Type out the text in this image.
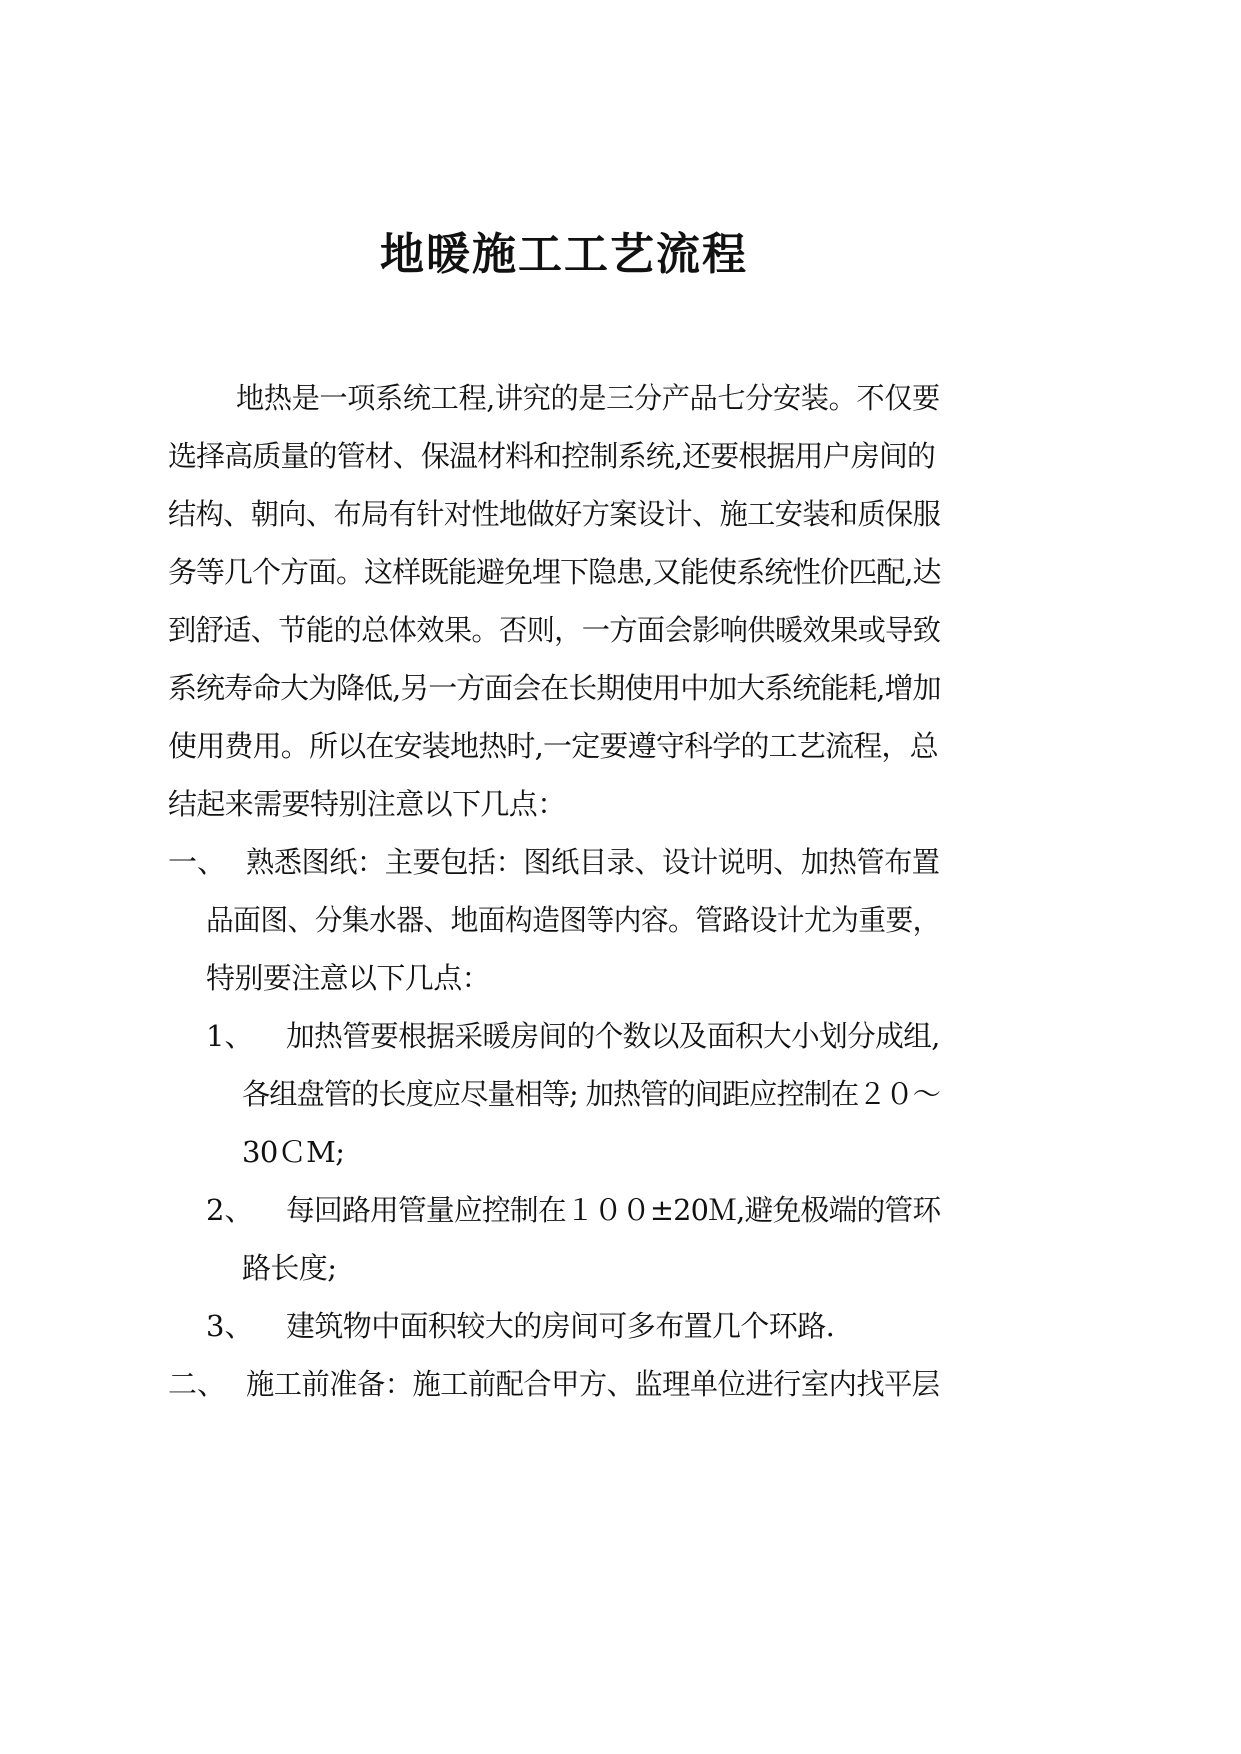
地暖施工工艺流程
地热是一项系统工程,讲究的是三分产品七分安装。不仅要
选择高质量的管材、保温材料和控制系统,还要根据用户房间的
结构、朝向、布局有针对性地做好方案设计、施工安装和质保服
务等几个方面。这样既能避免埋下隐患,又能使系统性价匹配,达
到舒适、节能的总体效果。否则，一方面会影响供暖效果或导致
系统寿命大为降低,另一方面会在长期使用中加大系统能耗,增加
使用费用。所以在安装地热时,一定要遵守科学的工艺流程，总
结起来需要特别注意以下几点：
一、 熟悉图纸：主要包括：图纸目录、设计说明、加热管布置
品面图、分集水器、地面构造图等内容。管路设计尤为重要，
特别要注意以下几点：
1、 加热管要根据采暖房间的个数以及面积大小划分成组,
各组盘管的长度应尽量相等; 加热管的间距应控制在２０～
30ＣM;
2、 每回路用管量应控制在１００±20Ｍ,避免极端的管环
路长度;
3、 建筑物中面积较大的房间可多布置几个环路.
二、 施工前准备：施工前配合甲方、监理单位进行室内找平层
